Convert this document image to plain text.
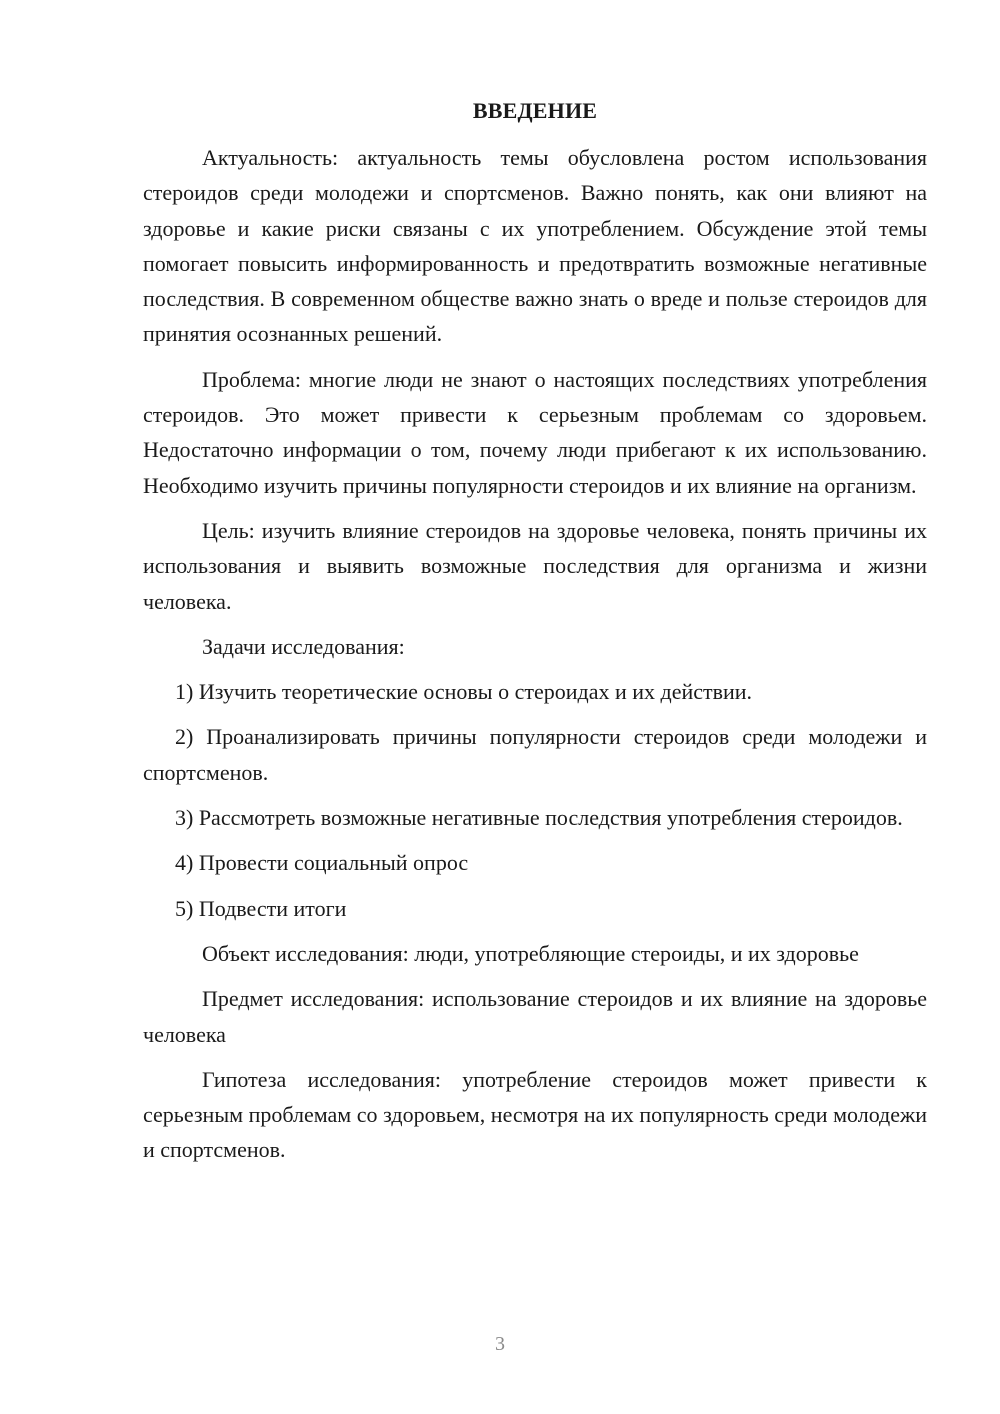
ВВЕДЕНИЕ

Актуальность: актуальность темы обусловлена ростом использования стероидов среди молодежи и спортсменов. Важно понять, как они влияют на здоровье и какие риски связаны с их употреблением. Обсуждение этой темы помогает повысить информированность и предотвратить возможные негативные последствия. В современном обществе важно знать о вреде и пользе стероидов для принятия осознанных решений.

Проблема: многие люди не знают о настоящих последствиях употребления стероидов. Это может привести к серьезным проблемам со здоровьем. Недостаточно информации о том, почему люди прибегают к их использованию. Необходимо изучить причины популярности стероидов и их влияние на организм.

Цель: изучить влияние стероидов на здоровье человека, понять причины их использования и выявить возможные последствия для организма и жизни человека.

Задачи исследования:

1) Изучить теоретические основы о стероидах и их действии.

2) Проанализировать причины популярности стероидов среди молодежи и спортсменов.

3) Рассмотреть возможные негативные последствия употребления стероидов.

4) Провести социальный опрос

5) Подвести итоги

Объект исследования: люди, употребляющие стероиды, и их здоровье

Предмет исследования: использование стероидов и их влияние на здоровье человека

Гипотеза исследования: употребление стероидов может привести к серьезным проблемам со здоровьем, несмотря на их популярность среди молодежи и спортсменов.

3
